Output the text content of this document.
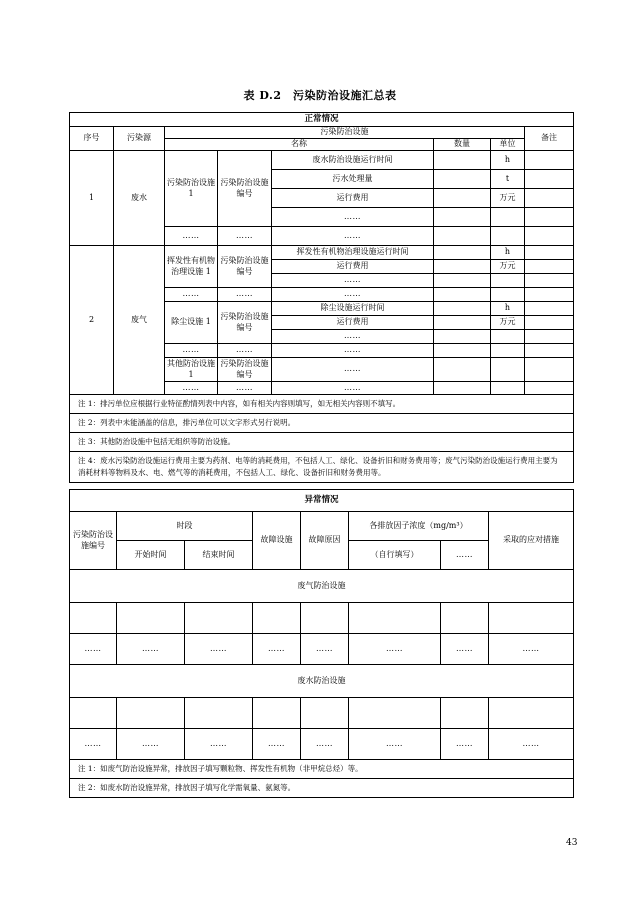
表 D.2　污染防治设施汇总表
正常情况							
序号	污染源	污染防治设施					备注
		名称			数量	单位	
1	废水	污染防治设施 1	污染防治设施编号	废水防治设施运行时间		h	
				污水处理量		t	
				运行费用		万元	
				……			
		……	……	……			
2	废气	挥发性有机物治理设施 1	污染防治设施编号	挥发性有机物治理设施运行时间		h	
				运行费用		万元	
				……			
		……	……	……			
		除尘设施 1	污染防治设施编号	除尘设施运行时间		h	
				运行费用		万元	
				……			
		……	……	……			
		其他防治设施 1	污染防治设施编号	……			
		……	……	……			
注 1：排污单位应根据行业特征酌情列表中内容，如有相关内容则填写，如无相关内容则不填写。							
注 2：列表中未能涵盖的信息，排污单位可以文字形式另行说明。							
注 3：其他防治设施中包括无组织等防治设施。							
注 4：废水污染防治设施运行费用主要为药剂、电等的消耗费用，不包括人工、绿化、设备折旧和财务费用等；废气污染防治设施运行费用主要为消耗材料等物料及水、电、燃气等的消耗费用，不包括人工、绿化、设备折旧和财务费用等。							
异常情况							
污染防治设施编号	时段		故障设施	故障原因	各排放因子浓度（mg/m³）		采取的应对措施
	开始时间	结束时间			（自行填写）	……	
废气防治设施							

……	……	……	……	……	……	……	……
废水防治设施							

……	……	……	……	……	……	……	……
注 1：如废气防治设施异常，排放因子填写颗粒物、挥发性有机物（非甲烷总烃）等。							
注 2：如废水防治设施异常，排放因子填写化学需氧量、氨氮等。							
43
